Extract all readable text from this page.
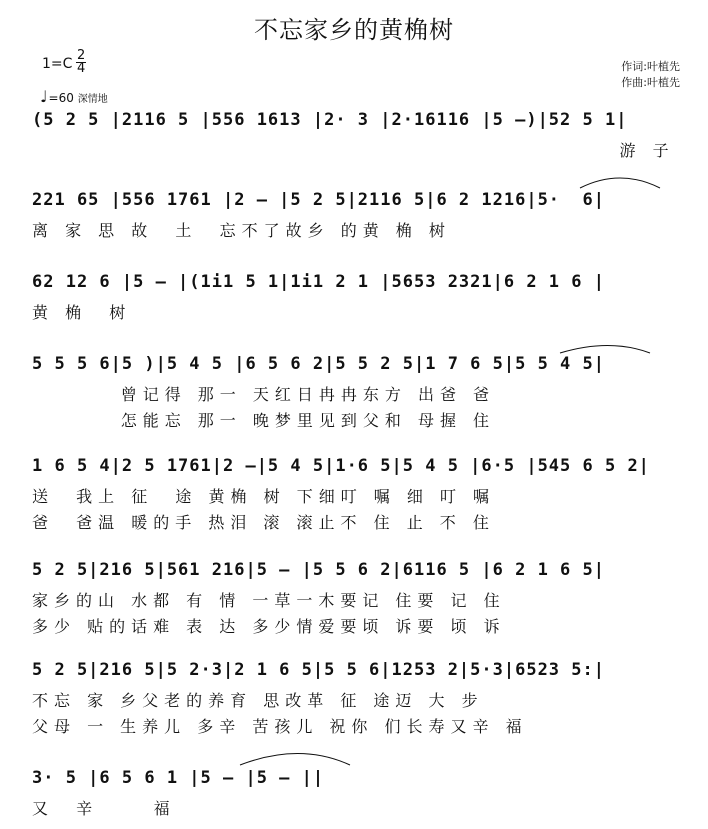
不忘家乡的黄桷树
1=C
2
4
♩=60 深情地
作词:叶植先
作曲:叶植先
(5 2 5 |2116 5 |556 1613 |2· 3 |2·16116 |5 —)|52 5 1|
游 子
221 65 |556 1761 |2 — |5 2 5|2116 5|6 2 1216|5·  6|
离 家 思 故  土  忘不了故乡 的黄 桷 树
62 12 6 |5 — |(1i1 5 1|1i1 2 1 |5653 2321|6 2 1 6 |
黄 桷  树
5 5 5 6|5 )|5 4 5 |6 5 6 2|5 5 2 5|1 7 6 5|5 5 4 5|
曾记得 那一 天红日冉冉东方 出爸 爸
怎能忘 那一 晚梦里见到父和 母握 住
1 6 5 4|2 5 1761|2 —|5 4 5|1·6 5|5 4 5 |6·5 |545 6 5 2|
送  我上 征  途 黄桷 树 下细叮 嘱 细 叮 嘱
爸  爸温 暖的手 热泪 滚 滚止不 住 止 不 住
5 2 5|216 5|561 216|5 — |5 5 6 2|6116 5 |6 2 1 6 5|
家乡的山 水都 有 情 一草一木要记 住要 记 住
多少 贴的话难 表 达 多少情爱要顷 诉要 顷 诉
5 2 5|216 5|5 2·3|2 1 6 5|5 5 6|1253 2|5·3|6523 5:|
不忘 家 乡父老的养育 思改革 征 途迈 大 步
父母 一 生养儿 多辛 苦孩儿 祝你 们长寿又辛 福
3· 5 |6 5 6 1 |5 — |5 — ||
又  辛     福
